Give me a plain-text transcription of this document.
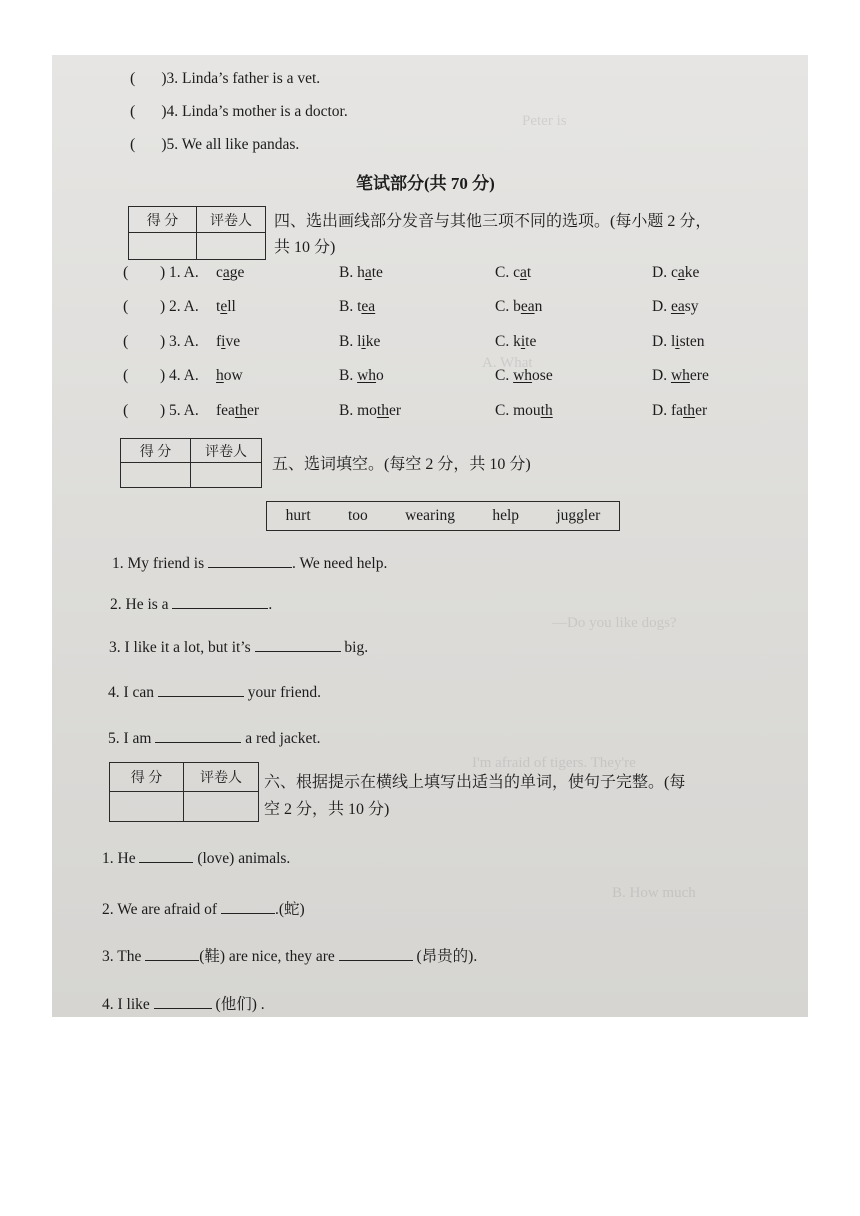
Peter is
A. What
—Do you like dogs?
I'm afraid of tigers. They're
B. How much
( )3. Linda’s father is a vet.
( )4. Linda’s mother is a doctor.
( )5. We all like pandas.
笔试部分(共 70 分)
得 分	评卷人	四、选出画线部分发音与其他三项不同的选项。(每小题 2 分，
共 10 分)
( ) 1. A. cage	B. hate	C. cat	D. cake
( ) 2. A. tell	B. tea	C. bean	D. easy
( ) 3. A. five	B. like	C. kite	D. listen
( ) 4. A. how	B. who	C. whose	D. where
( ) 5. A. feather	B. mother	C. mouth	D. father
得 分	评卷人
五、选词填空。(每空 2 分，共 10 分)
hurt too wearing help juggler
1. My friend is	. We need help.
2. He is a	.
3. I like it a lot, but it’s	big.
4. I can	your friend.
5. I am	a red jacket.
得 分	评卷人	六、根据提示在横线上填写出适当的单词，使句子完整。(每
空 2 分，共 10 分)
1. He	(love) animals.
2. We are afraid of	.(蛇)
3. The	(鞋) are nice, they are	(昂贵的).
4. I like	(他们) .
